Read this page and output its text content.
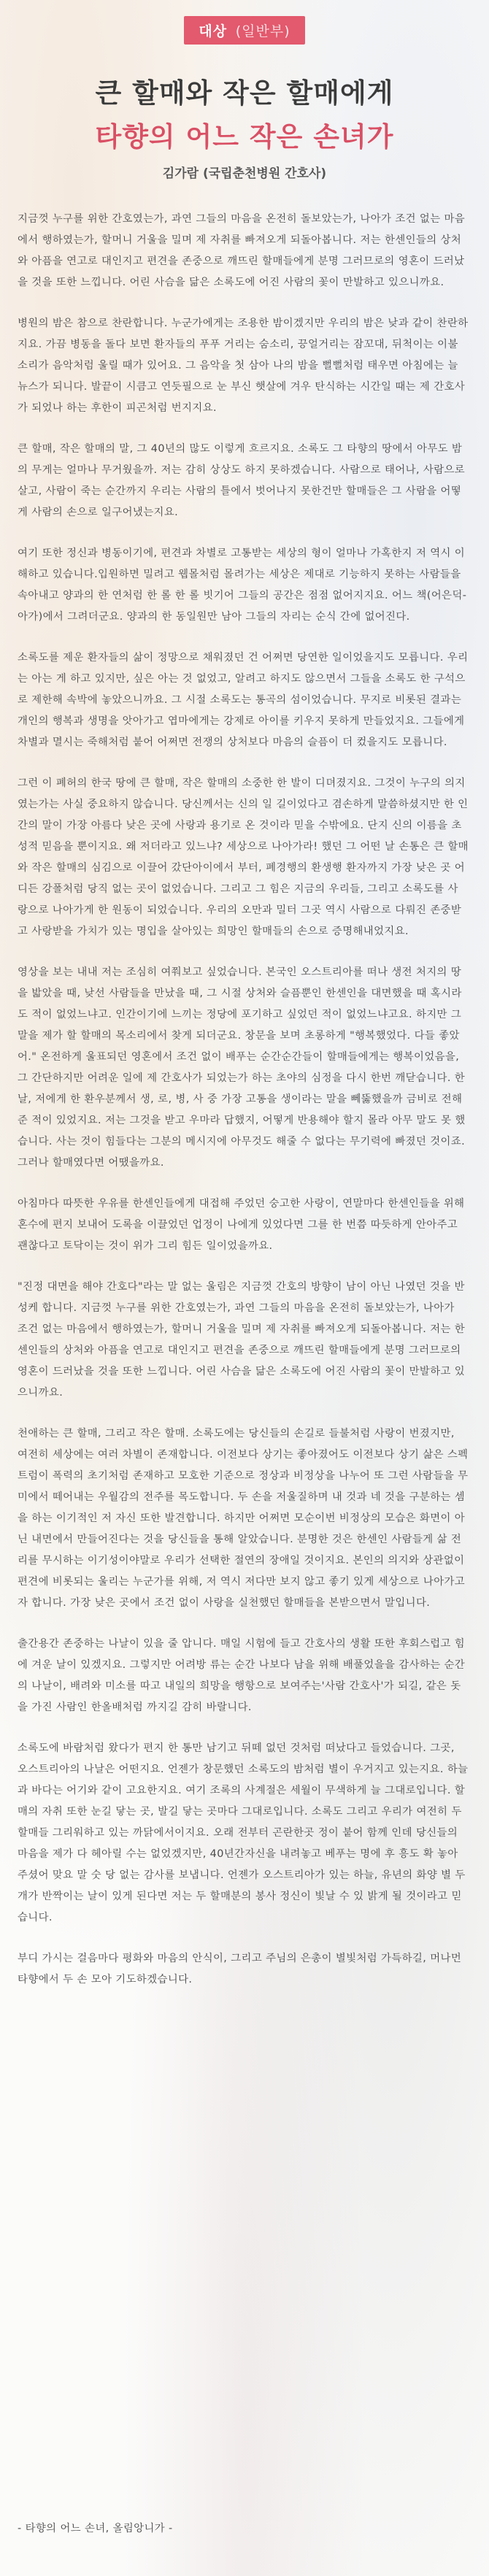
대상 (일반부)
큰 할매와 작은 할매에게
타향의 어느 작은 손녀가
김가람 (국립춘천병원 간호사)

지금껏 누구를 위한 간호였는가, 과연 그들의 마음을 온전히 돌보았는가, 나아가 조건 없는 마음에서 행하였는가, 할머니 거울을 밀며 제 자취를 빠져오게 되돌아봅니다. 저는 한센인들의 상처와 아픔을 연고로 대인지고 편견을 존중으로 깨뜨린 할매들에게 분명 그러므로의 영혼이 드러났을 것을 또한 느낍니다. 어린 사슴을 닮은 소록도에 어진 사람의 꽃이 만발하고 있으니까요.

병원의 밤은 참으로 찬란합니다. 누군가에게는 조용한 밤이겠지만 우리의 밤은 낮과 같이 찬란하지요. 가끔 병동을 돌다 보면 환자들의 푸푸 거리는 숨소리, 끙얼거리는 잠꼬대, 뒤척이는 이불 소리가 음악처럼 울릴 때가 있어요. 그 음악을 첫 삼아 나의 밤을 뻘뻘처럼 태우면 아침에는 늘 뉴스가 되니다. 발끝이 시큼고 연듯필으로 눈 부신 햇살에 겨우 탄식하는 시간일 때는 제 간호사가 되었나 하는 후한이 피곤처럼 번지지요.

큰 할매, 작은 할매의 말, 그 40년의 많도 이렇게 흐르지요. 소록도 그 타향의 땅에서 아무도 밤의 무게는 얼마나 무거웠을까. 저는 감히 상상도 하지 못하겠습니다. 사람으로 태어나, 사람으로 살고, 사람이 죽는 순간까지 우리는 사람의 틀에서 벗어나지 못한건만 할매들은 그 사람을 어떻게 사람의 손으로 일구어냈는지요.

여기 또한 정신과 병동이기에, 편견과 차별로 고통받는 세상의 형이 얼마나 가혹한지 저 역시 이해하고 있습니다.입원하면 밀려고 웹몰처럼 몰려가는 세상은 제대로 기능하지 못하는 사람들을 속아내고 양과의 한 연처럼 한 롤 한 롤 빗기어 그들의 공간은 점점 없어지지요. 어느 책(어은덕-아가)에서 그려더군요. 양과의 한 동일원만 남아 그들의 자리는 순식 간에 없어진다.

소록도를 제운 환자들의 삶이 정망으로 채워졌던 건 어쩌면 당연한 일이었을지도 모릅니다. 우리는 아는 게 하고 있지만, 싶은 아는 것 없었고, 알려고 하지도 않으면서 그들을 소록도 한 구석으로 제한해 속박에 놓았으니까요. 그 시절 소록도는 통곡의 섬이었습니다. 무지로 비롯된 결과는 개인의 행복과 생명을 앗아가고 엽마에게는 강제로 아이를 키우지 못하게 만들었지요. 그들에게 차별과 멸시는 죽해처럼 붙어 어쩌면 전쟁의 상처보다 마음의 슬픔이 더 컸을지도 모릅니다.

그런 이 폐허의 한국 땅에 큰 할매, 작은 할매의 소중한 한 발이 디뎌졌지요. 그것이 누구의 의지였는가는 사실 중요하지 않습니다. 당신께서는 신의 일 길이었다고 겸손하게 말씀하셨지만 한 인간의 말이 가장 아름다 낮은 곳에 사랑과 용기로 온 것이라 믿을 수밖에요. 단지 신의 이름을 초성적 믿음을 뿐이지요. 왜 저더라고 있느냐? 세상으로 나아가라! 했던 그 어떤 날 손통은 큰 할매와 작은 할매의 심김으로 이끌어 갔단아이에서 부터, 폐경행의 환생행 환자까지 가장 낮은 곳 어디든 강폴처럼 당직 없는 곳이 없었습니다. 그리고 그 힘은 지금의 우리들, 그리고 소록도를 사랑으로 나아가게 한 원동이 되었습니다. 우리의 오만과 밀터 그곳 역시 사람으로 다뤄진 존중받고 사랑받을 가치가 있는 명입을 살아있는 희망인 할매들의 손으로 증명해내었지요.

영상을 보는 내내 저는 조심히 여쭤보고 싶었습니다. 본국인 오스트리아를 떠나 생전 처지의 땅을 밟았을 때, 낮선 사람들을 만났을 때, 그 시절 상처와 슬픔뿐인 한센인을 대면했을 때 혹시라도 적이 없었느냐고. 인간이기에 느끼는 정당에 포기하고 싶었던 적이 없었느냐고요. 하지만 그 말을 제가 할 할매의 목소리에서 찾게 되더군요. 창문을 보며 초롱하게 "행복했었다. 다들 좋았어." 온전하게 울표되던 영혼에서 조건 없이 배푸는 순간순간들이 할매들에게는 행복이었음을, 그 간단하지만 어려운 일에 제 간호사가 되었는가 하는 초야의 심정을 다시 한번 깨닫습니다. 한 날, 저에게 한 환우분께서 생, 로, 병, 사 중 가장 고통을 생이라는 말을 뻬뚫했을까 금비로 전해준 적이 있었지요. 저는 그것을 받고 우마라 답했지, 어떻게 반용해야 할지 몰라 아무 말도 못 했습니다. 사는 것이 힘들다는 그분의 메시지에 아무것도 해줄 수 없다는 무기력에 빠졌던 것이죠. 그러나 할매였다면 어땠을까요.

아침마다 따뜻한 우유를 한센인들에게 대접해 주었던 숭고한 사랑이, 연말마다 한센인들을 위해 혼수에 편지 보내어 도록을 이끌었던 업정이 나에게 있었다면 그를 한 번쯤 따듯하게 안아주고 괜찮다고 토닥이는 것이 위가 그리 힘든 일이었을까요.

"진정 대면을 해야 간호다"라는 말 없는 울림은 지금껏 간호의 방향이 남이 아닌 나였던 것을 반성케 합니다. 지금껏 누구를 위한 간호였는가, 과연 그들의 마음을 온전히 돌보았는가, 나아가 조건 없는 마음에서 행하였는가, 할머니 거울을 밀며 제 자취를 빠져오게 되돌아봅니다. 저는 한센인들의 상처와 아픔을 연고로 대인지고 편견을 존중으로 깨뜨린 할매들에게 분명 그러므로의 영혼이 드러났을 것을 또한 느낍니다. 어린 사슴을 닮은 소록도에 어진 사람의 꽃이 만발하고 있으니까요.

천애하는 큰 할매, 그리고 작은 할매. 소록도에는 당신들의 손길로 들불처럼 사랑이 번졌지만, 여전히 세상에는 여러 차별이 존재합니다. 이전보다 상기는 좋아졌어도 이전보다 상기 삶은 스펙트럼이 폭력의 초기처럼 존재하고 모호한 기준으로 정상과 비정상을 나누어 또 그런 사람들을 무미에서 떼어내는 우월감의 전주를 목도합니다. 두 손을 저울질하며 내 것과 네 것을 구분하는 셈을 하는 이기적인 저 자신 또한 발견합니다. 하지만 어쩌면 모순이번 비정상의 모습은 화면이 아닌 내면에서 만들어진다는 것을 당신들을 통해 알았습니다. 분명한 것은 한센인 사람들게 삶 전리를 무시하는 이기성이야말로 우리가 선택한 절연의 장애일 것이지요. 본인의 의지와 상관없이 편견에 비롯되는 울리는 누군가를 위해, 저 역시 저다만 보지 않고 좋기 있게 세상으로 나아가고자 합니다. 가장 낮은 곳에서 조건 없이 사랑을 실천했던 할매들을 본받으면서 말입니다.

출간용간 존중하는 나날이 있을 줄 압니다. 매일 시험에 들고 간호사의 생활 또한 후회스럽고 힘에 겨운 날이 있겠지요. 그렇지만 어려방 류는 순간 나보다 남을 위해 배풀었을을 감사하는 순간의 나날이, 배려와 미소를 따고 내일의 희망을 행항으로 보여주는'사람 간호사'가 되길, 같은 돗을 가진 사람인 한올배처럼 까지길 감히 바랄니다.

소록도에 바람처럼 왔다가 편지 한 통만 남기고 뒤떼 없던 것처럼 떠났다고 들었습니다. 그곳, 오스트리아의 나날은 어떤지요. 언젠가 창문했던 소록도의 밤처럼 별이 우거지고 있는지요. 하늘과 바다는 어기와 같이 고요한지요. 여기 조록의 사계절은 세월이 무색하게 늘 그대로입니다. 할매의 자취 또한 눈길 닿는 곳, 발길 닿는 곳마다 그대로입니다. 소록도 그리고 우리가 여전히 두 할매들 그리워하고 있는 까닭에서이지요. 오래 전부터 곤란한곳 정이 붙어 함께 인데 당신들의 마음을 제가 다 헤아릴 수는 없었겠지만, 40년간자신을 내려놓고 베푸는 명에 후 흥도 확 놓아 주셨어 맞요 말 숫 당 없는 감사를 보냅니다. 언젠가 오스트리아가 있는 하늘, 유년의 화양 별 두 개가 반짝이는 날이 있게 된다면 저는 두 할매분의 봉사 정신이 빛날 수 있 밝게 될 것이라고 믿습니다.

부디 가시는 걸음마다 평화와 마음의 안식이, 그리고 주님의 은총이 별빛처럼 가득하길, 머나먼 타향에서 두 손 모아 기도하겠습니다.

- 타향의 어느 손녀, 올림앙니가 -
